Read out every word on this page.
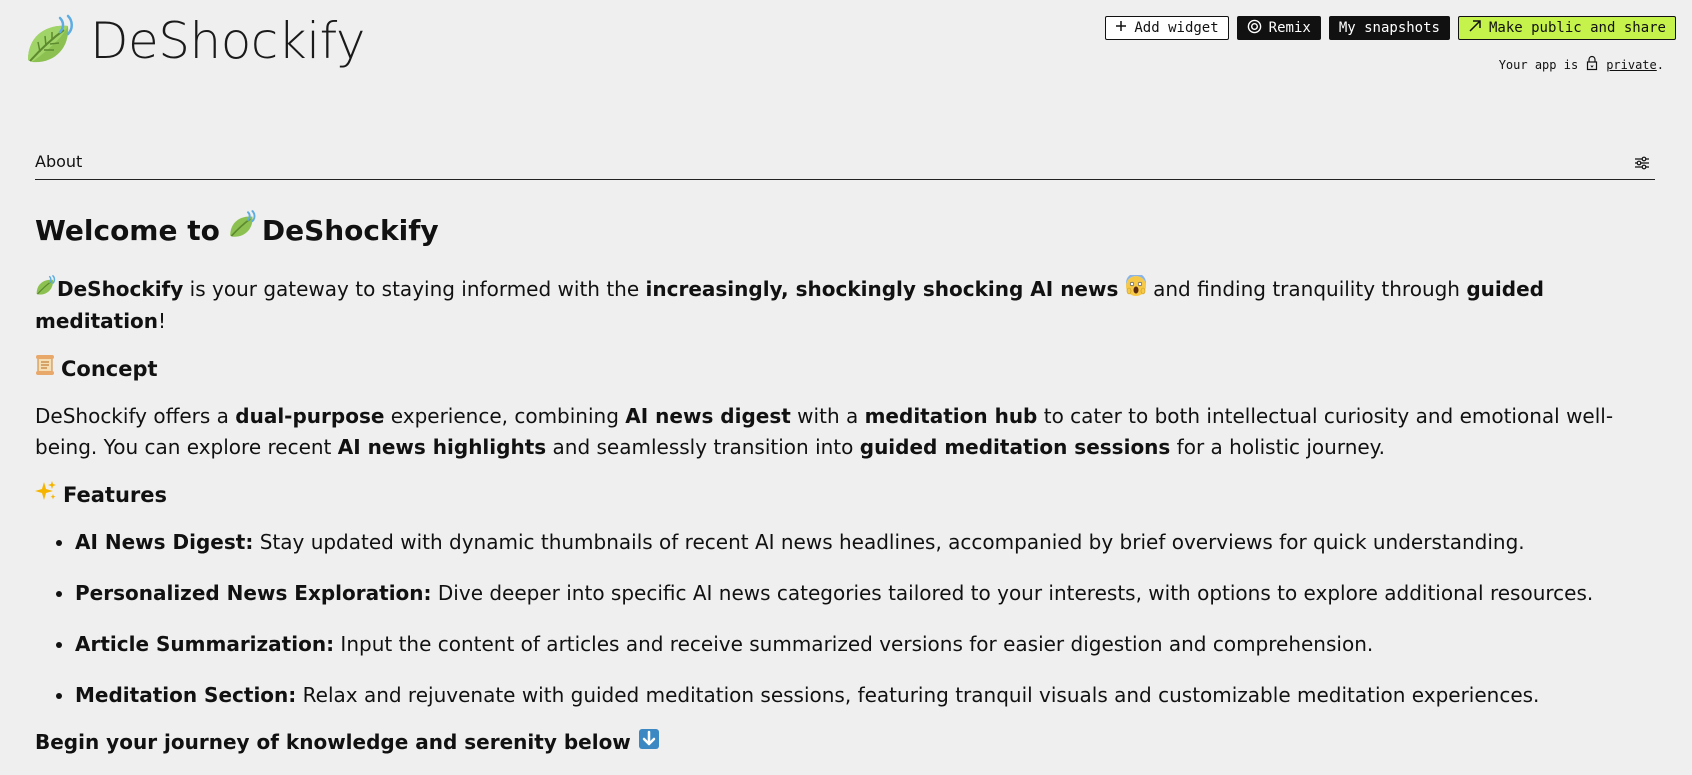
DeShockify	Add widget	Remix My snapshots	Make public and share
Your app is private.
About
Welcome to DeShockify

DeShockify is your gateway to staying informed with the increasingly, shockingly shocking AI news  and finding tranquility through guided meditation!

Concept

DeShockify offers a dual-purpose experience, combining AI news digest with a meditation hub to cater to both intellectual curiosity and emotional well-being. You can explore recent AI news highlights and seamlessly transition into guided meditation sessions for a holistic journey.

Features
• AI News Digest: Stay updated with dynamic thumbnails of recent AI news headlines, accompanied by brief overviews for quick understanding.
• Personalized News Exploration: Dive deeper into specific AI news categories tailored to your interests, with options to explore additional resources.
• Article Summarization: Input the content of articles and receive summarized versions for easier digestion and comprehension.
• Meditation Section: Relax and rejuvenate with guided meditation sessions, featuring tranquil visuals and customizable meditation experiences.

Begin your journey of knowledge and serenity below
